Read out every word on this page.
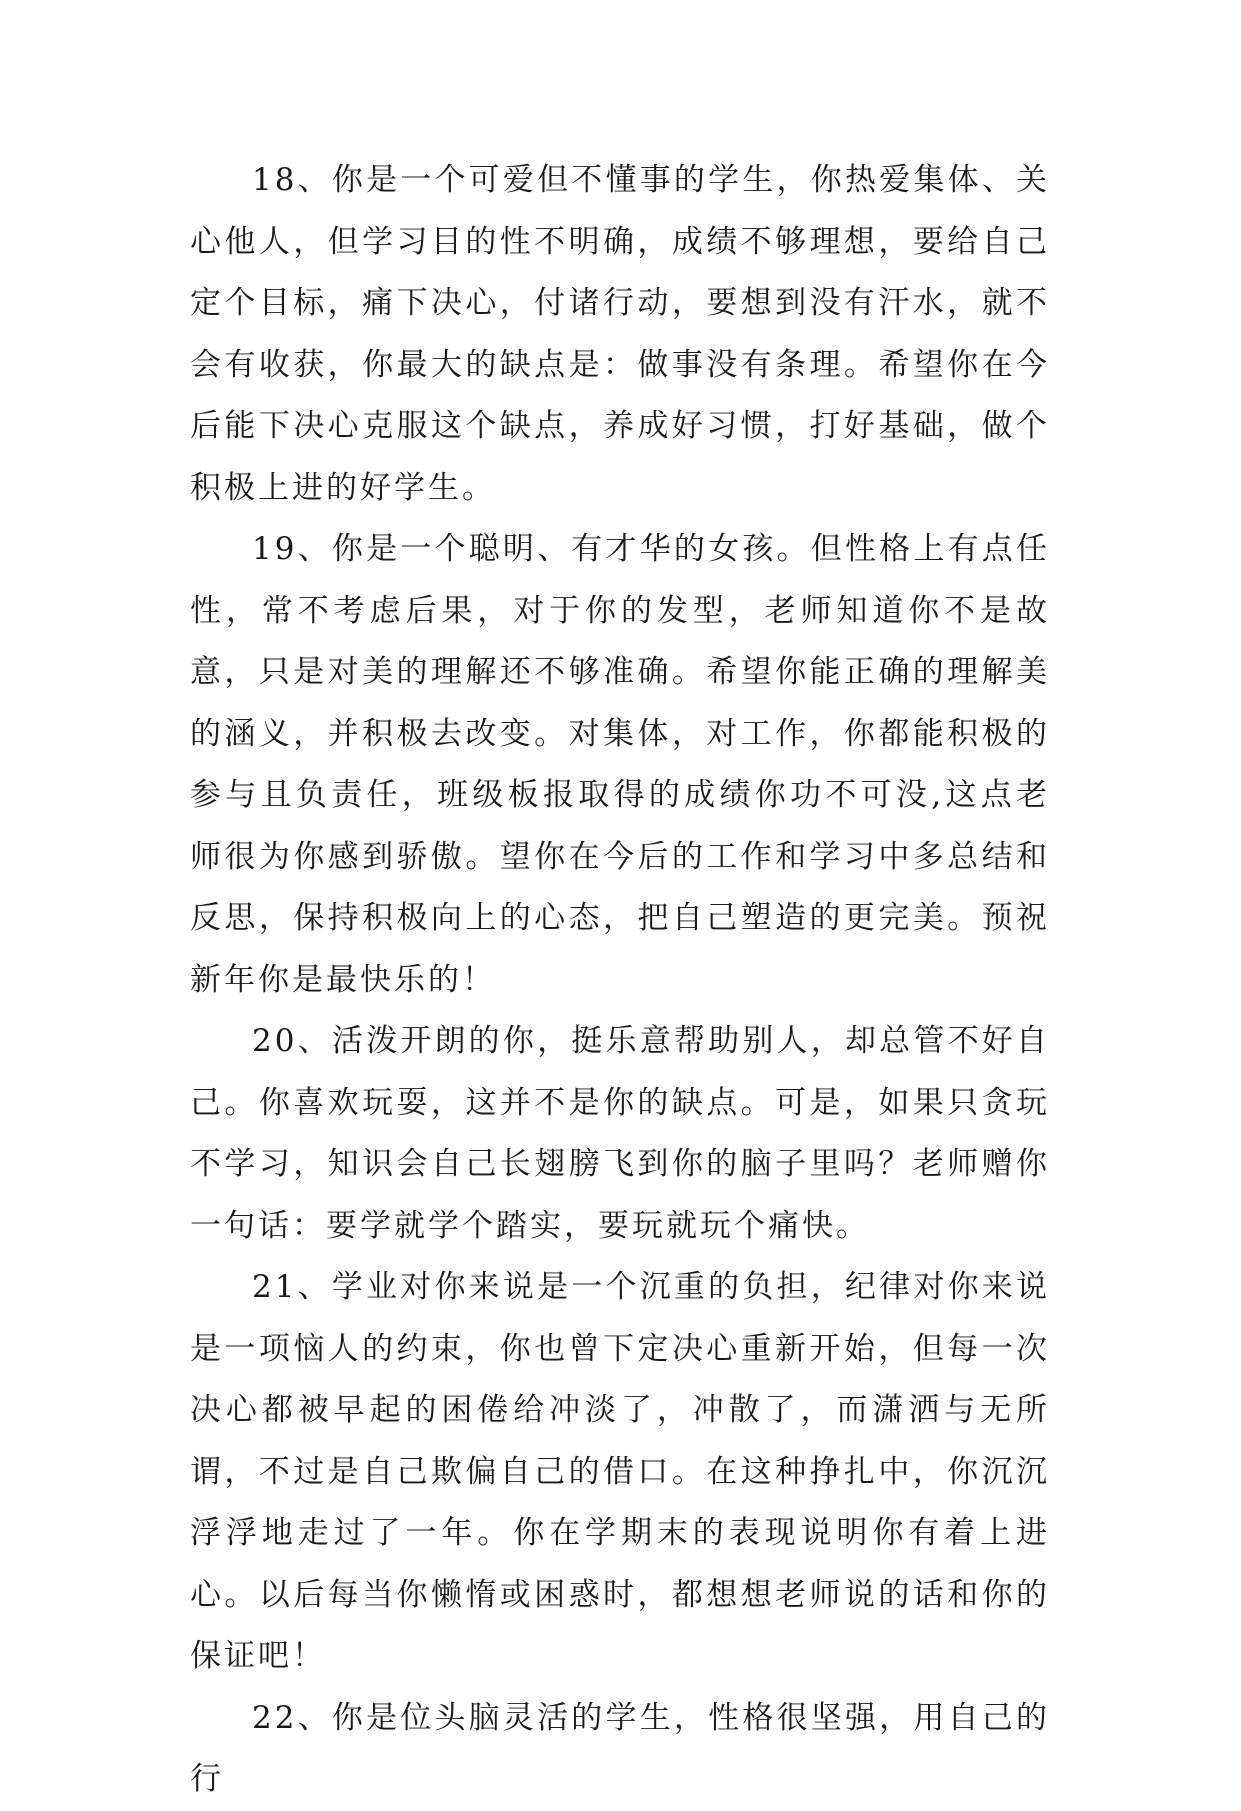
18、你是一个可爱但不懂事的学生，你热爱集体、关心他人，但学习目的性不明确，成绩不够理想，要给自己定个目标，痛下决心，付诸行动，要想到没有汗水，就不会有收获，你最大的缺点是：做事没有条理。希望你在今后能下决心克服这个缺点，养成好习惯，打好基础，做个积极上进的好学生。

19、你是一个聪明、有才华的女孩。但性格上有点任性，常不考虑后果，对于你的发型，老师知道你不是故意，只是对美的理解还不够准确。希望你能正确的理解美的涵义，并积极去改变。对集体，对工作，你都能积极的参与且负责任，班级板报取得的成绩你功不可没,这点老师很为你感到骄傲。望你在今后的工作和学习中多总结和反思，保持积极向上的心态，把自己塑造的更完美。预祝新年你是最快乐的！

20、活泼开朗的你，挺乐意帮助别人，却总管不好自己。你喜欢玩耍，这并不是你的缺点。可是，如果只贪玩不学习，知识会自己长翅膀飞到你的脑子里吗？老师赠你一句话：要学就学个踏实，要玩就玩个痛快。

21、学业对你来说是一个沉重的负担，纪律对你来说是一项恼人的约束，你也曾下定决心重新开始，但每一次决心都被早起的困倦给冲淡了，冲散了，而潇洒与无所谓，不过是自己欺偏自己的借口。在这种挣扎中，你沉沉浮浮地走过了一年。你在学期末的表现说明你有着上进心。以后每当你懒惰或困惑时，都想想老师说的话和你的保证吧！

22、你是位头脑灵活的学生，性格很坚强，用自己的行
